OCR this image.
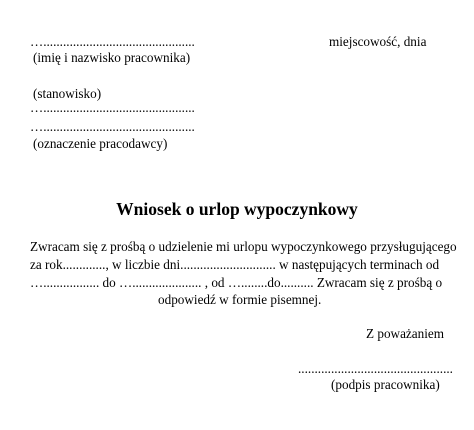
…..............................................
(imię i nazwisko pracownika)
(stanowisko)
…..............................................
…..............................................
(oznaczenie pracodawcy)
miejscowość, dnia
Wniosek o urlop wypoczynkowy
Zwracam się z prośbą o udzielenie mi urlopu wypoczynkowego przysługującego
za rok............., w liczbie dni............................. w następujących terminach od
…................. do …..................... , od …........do.......... Zwracam się z prośbą o
odpowiedź w formie pisemnej.
Z poważaniem
...............................................
(podpis pracownika)
